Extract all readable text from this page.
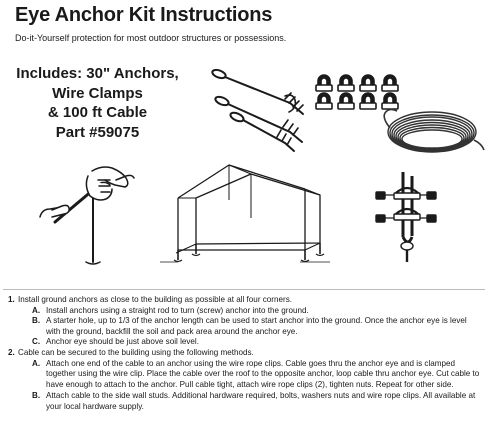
Eye Anchor Kit Instructions
Do-it-Yourself protection for most outdoor structures or possessions.
Includes: 30" Anchors,
Wire Clamps
& 100 ft Cable
Part #59075
1. Install ground anchors as close to the building as possible at all four corners.
A. Install anchors using a straight rod to turn (screw) anchor into the ground.
B. A starter hole, up to 1/3 of the anchor length can be used to start anchor into the ground. Once the anchor eye is level with the ground, backfill the soil and pack area around the anchor eye.
C. Anchor eye should be just above soil level.
2. Cable can be secured to the building using the following methods.
A. Attach one end of the cable to an anchor using the wire rope clips. Cable goes thru the anchor eye and is clamped together using the wire clip. Place the cable over the roof to the opposite anchor, loop cable thru anchor eye. Cut cable to have enough to attach to the anchor. Pull cable tight, attach wire rope clips (2), tighten nuts. Repeat for other side.
B. Attach cable to the side wall studs. Additional hardware required, bolts, washers nuts and wire rope clips. All available at your local hardware supply.
